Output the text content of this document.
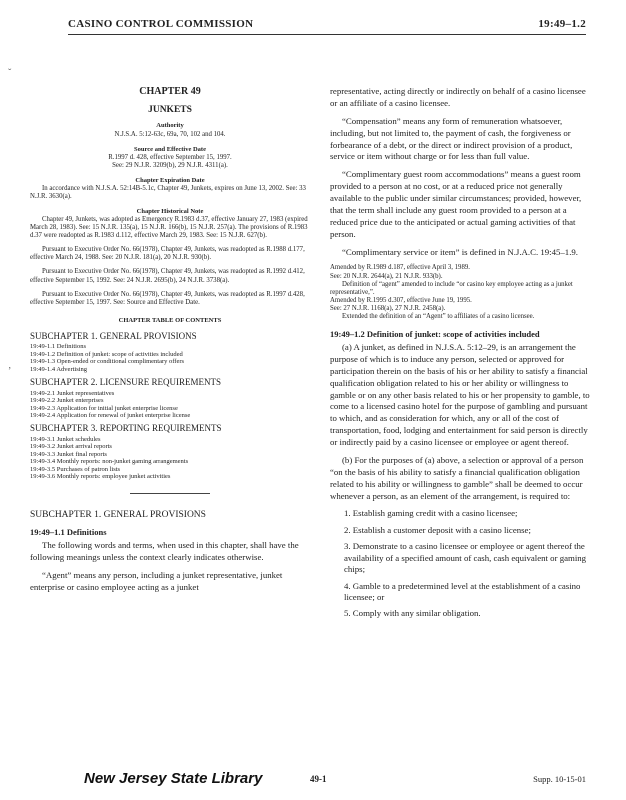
CASINO CONTROL COMMISSION	19:49–1.2
ˇ
‚
CHAPTER 49
JUNKETS
Authority
N.J.S.A. 5:12-63c, 69a, 70, 102 and 104.
Source and Effective Date
R.1997 d. 428, effective September 15, 1997.
See: 29 N.J.R. 3209(b), 29 N.J.R. 4311(a).
Chapter Expiration Date

In accordance with N.J.S.A. 52:14B-5.1c, Chapter 49, Junkets, expires on June 13, 2002. See: 33 N.J.R. 3630(a).

Chapter Historical Note

Chapter 49, Junkets, was adopted as Emergency R.1983 d.37, effective January 27, 1983 (expired March 28, 1983). See: 15 N.J.R. 135(a), 15 N.J.R. 166(b), 15 N.J.R. 257(a). The provisions of R.1983 d.37 were readopted as R.1983 d.112, effective March 29, 1983. See: 15 N.J.R. 627(b).

Pursuant to Executive Order No. 66(1978), Chapter 49, Junkets, was readopted as R.1988 d.177, effective March 24, 1988. See: 20 N.J.R. 181(a), 20 N.J.R. 930(b).

Pursuant to Executive Order No. 66(1978), Chapter 49, Junkets, was readopted as R.1992 d.412, effective September 15, 1992. See: 24 N.J.R. 2695(b), 24 N.J.R. 3738(a).

Pursuant to Executive Order No. 66(1978), Chapter 49, Junkets, was readopted as R.1997 d.428, effective September 15, 1997. See: Source and Effective Date.

CHAPTER TABLE OF CONTENTS
SUBCHAPTER 1. GENERAL PROVISIONS
19:49-1.1 Definitions
19:49-1.2 Definition of junket: scope of activities included
19:49-1.3 Open-ended or conditional complimentary offers
19:49-1.4 Advertising
SUBCHAPTER 2. LICENSURE REQUIREMENTS
19:49-2.1 Junket representatives
19:49-2.2 Junket enterprises
19:49-2.3 Application for initial junket enterprise license
19:49-2.4 Application for renewal of junket enterprise license
SUBCHAPTER 3. REPORTING REQUIREMENTS
19:49-3.1 Junket schedules
19:49-3.2 Junket arrival reports
19:49-3.3 Junket final reports
19:49-3.4 Monthly reports: non-junket gaming arrangements
19:49-3.5 Purchases of patron lists
19:49-3.6 Monthly reports: employee junket activities
SUBCHAPTER 1. GENERAL PROVISIONS
19:49–1.1 Definitions

The following words and terms, when used in this chapter, shall have the following meanings unless the context clearly indicates otherwise.

“Agent” means any person, including a junket representative, junket enterprise or casino employee acting as a junket

representative, acting directly or indirectly on behalf of a casino licensee or an affiliate of a casino licensee.

“Compensation” means any form of remuneration whatsoever, including, but not limited to, the payment of cash, the forgiveness or forbearance of a debt, or the direct or indirect provision of a product, service or item without charge or for less than full value.

“Complimentary guest room accommodations” means a guest room provided to a person at no cost, or at a reduced price not generally available to the public under similar circumstances; provided, however, that the term shall include any guest room provided to a person at a reduced price due to the anticipated or actual gaming activities of that person.

“Complimentary service or item” is defined in N.J.A.C. 19:45–1.9.

Amended by R.1989 d.187, effective April 3, 1989.
See: 20 N.J.R. 2644(a), 21 N.J.R. 933(b).
Definition of “agent” amended to include “or casino key employee acting as a junket representative,”.
Amended by R.1995 d.307, effective June 19, 1995.
See: 27 N.J.R. 1168(a), 27 N.J.R. 2458(a).
Extended the definition of an “Agent” to affiliates of a casino licensee.
19:49–1.2 Definition of junket: scope of activities included

(a) A junket, as defined in N.J.S.A. 5:12–29, is an arrangement the purpose of which is to induce any person, selected or approved for participation therein on the basis of his or her ability to satisfy a financial qualification obligation related to his or her ability or willingness to gamble or on any other basis related to his or her propensity to gamble, to come to a licensed casino hotel for the purpose of gambling and pursuant to which, and as consideration for which, any or all of the cost of transportation, food, lodging and entertainment for said person is directly or indirectly paid by a casino licensee or employee or agent thereof.

(b) For the purposes of (a) above, a selection or approval of a person “on the basis of his ability to satisfy a financial qualification obligation related to his ability or willingness to gamble” shall be deemed to occur whenever a person, as an element of the arrangement, is required to:

1. Establish gaming credit with a casino licensee;
2. Establish a customer deposit with a casino license;
3. Demonstrate to a casino licensee or employee or agent thereof the availability of a specified amount of cash, cash equivalent or gaming chips;
4. Gamble to a predetermined level at the establishment of a casino licensee; or
5. Comply with any similar obligation.
New Jersey State Library	49-1	Supp. 10-15-01
